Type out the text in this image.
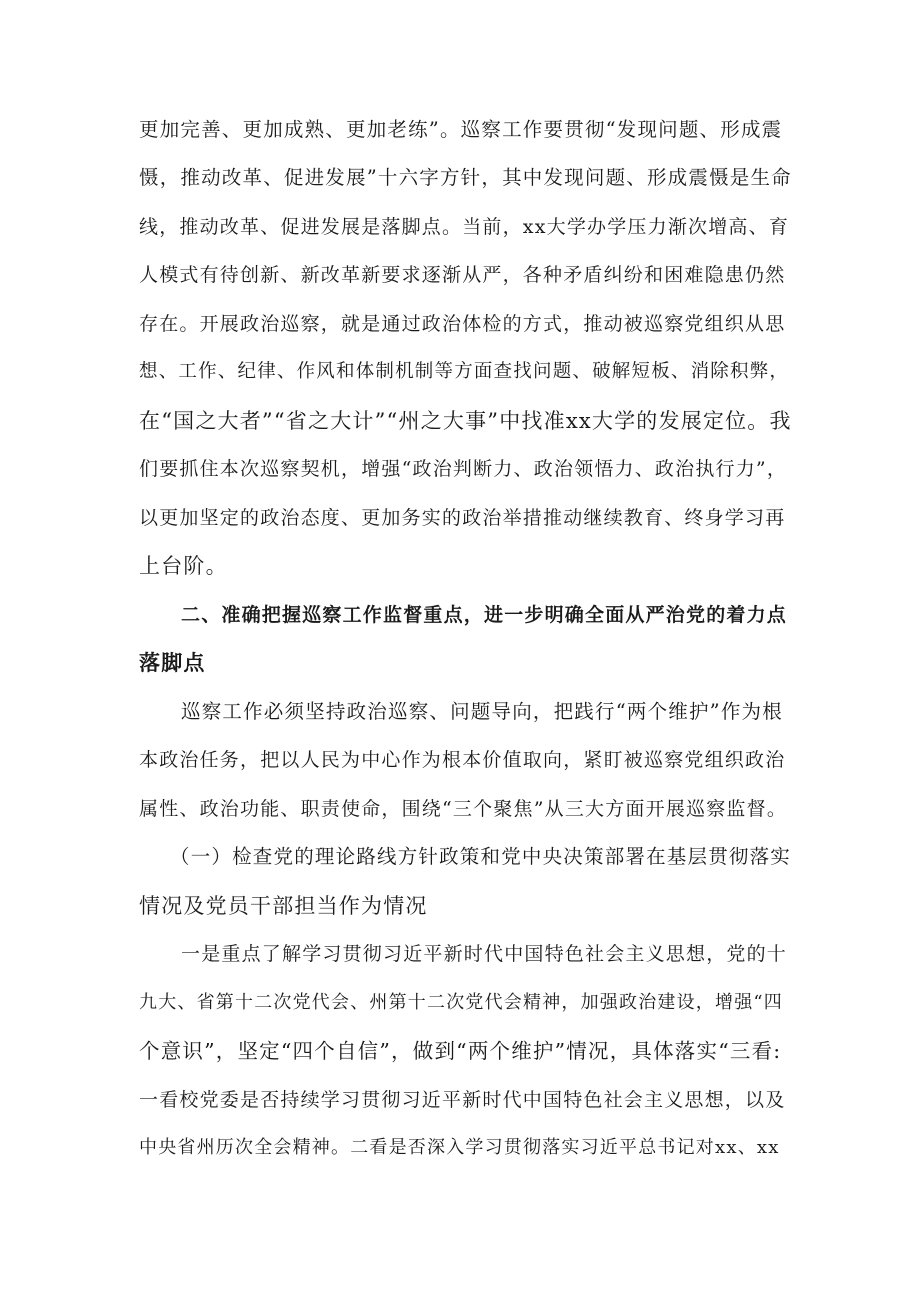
更加完善、更加成熟、更加老练”。巡察工作要贯彻“发现问题、形成震
慑，推动改革、促进发展”十六字方针，其中发现问题、形成震慑是生命
线，推动改革、促进发展是落脚点。当前，xx大学办学压力渐次增高、育
人模式有待创新、新改革新要求逐渐从严，各种矛盾纠纷和困难隐患仍然
存在。开展政治巡察，就是通过政治体检的方式，推动被巡察党组织从思
想、工作、纪律、作风和体制机制等方面查找问题、破解短板、消除积弊，
在“国之大者”“省之大计”“州之大事”中找准xx大学的发展定位。我
们要抓住本次巡察契机，增强“政治判断力、政治领悟力、政治执行力”，
以更加坚定的政治态度、更加务实的政治举措推动继续教育、终身学习再
上台阶。
二、准确把握巡察工作监督重点，进一步明确全面从严治党的着力点
落脚点
巡察工作必须坚持政治巡察、问题导向，把践行“两个维护”作为根
本政治任务，把以人民为中心作为根本价值取向，紧盯被巡察党组织政治
属性、政治功能、职责使命，围绕“三个聚焦”从三大方面开展巡察监督。
（一）检查党的理论路线方针政策和党中央决策部署在基层贯彻落实
情况及党员干部担当作为情况
一是重点了解学习贯彻习近平新时代中国特色社会主义思想，党的十
九大、省第十二次党代会、州第十二次党代会精神，加强政治建设，增强“四
个意识”，坚定“四个自信”，做到“两个维护”情况，具体落实“三看:
一看校党委是否持续学习贯彻习近平新时代中国特色社会主义思想，以及
中央省州历次全会精神。二看是否深入学习贯彻落实习近平总书记对xx、xx
